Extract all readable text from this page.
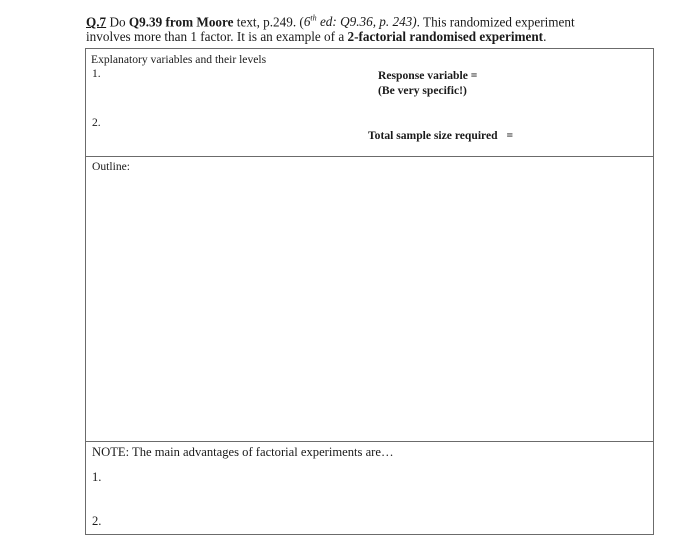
Q.7 Do Q9.39 from Moore text, p.249. (6th ed: Q9.36, p. 243). This randomized experiment
involves more than 1 factor. It is an example of a 2-factorial randomised experiment.
Explanatory variables and their levels
1.
2.
Response variable =
(Be very specific!)
Total sample size required =
Outline:
NOTE: The main advantages of factorial experiments are…
1.
2.
